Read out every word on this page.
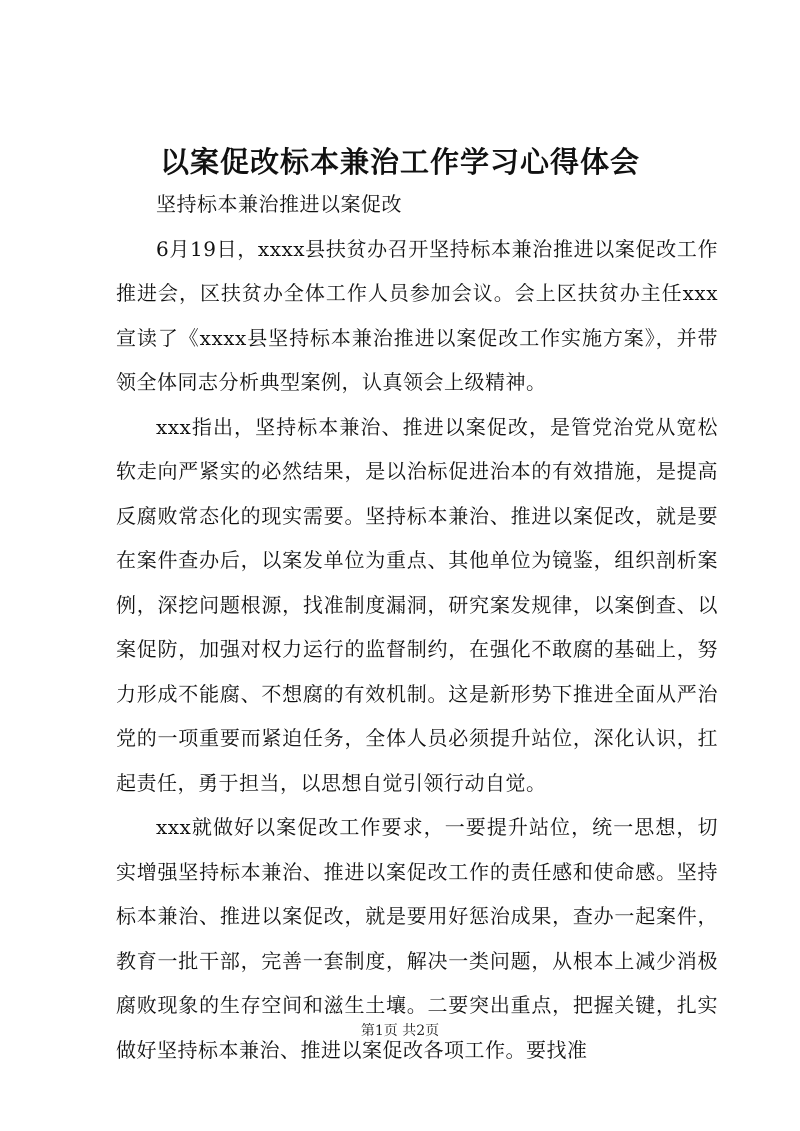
以案促改标本兼治工作学习心得体会

坚持标本兼治推进以案促改

6月19日，xxxx县扶贫办召开坚持标本兼治推进以案促改工作推进会，区扶贫办全体工作人员参加会议。会上区扶贫办主任xxx宣读了《xxxx县坚持标本兼治推进以案促改工作实施方案》，并带领全体同志分析典型案例，认真领会上级精神。

xxx指出，坚持标本兼治、推进以案促改，是管党治党从宽松软走向严紧实的必然结果，是以治标促进治本的有效措施，是提高反腐败常态化的现实需要。坚持标本兼治、推进以案促改，就是要在案件查办后，以案发单位为重点、其他单位为镜鉴，组织剖析案例，深挖问题根源，找准制度漏洞，研究案发规律，以案倒查、以案促防，加强对权力运行的监督制约，在强化不敢腐的基础上，努力形成不能腐、不想腐的有效机制。这是新形势下推进全面从严治党的一项重要而紧迫任务，全体人员必须提升站位，深化认识，扛起责任，勇于担当，以思想自觉引领行动自觉。

xxx就做好以案促改工作要求，一要提升站位，统一思想，切实增强坚持标本兼治、推进以案促改工作的责任感和使命感。坚持标本兼治、推进以案促改，就是要用好惩治成果，查办一起案件，教育一批干部，完善一套制度，解决一类问题，从根本上减少消极腐败现象的生存空间和滋生土壤。二要突出重点，把握关键，扎实做好坚持标本兼治、推进以案促改各项工作。要找准

第1页 共2页
